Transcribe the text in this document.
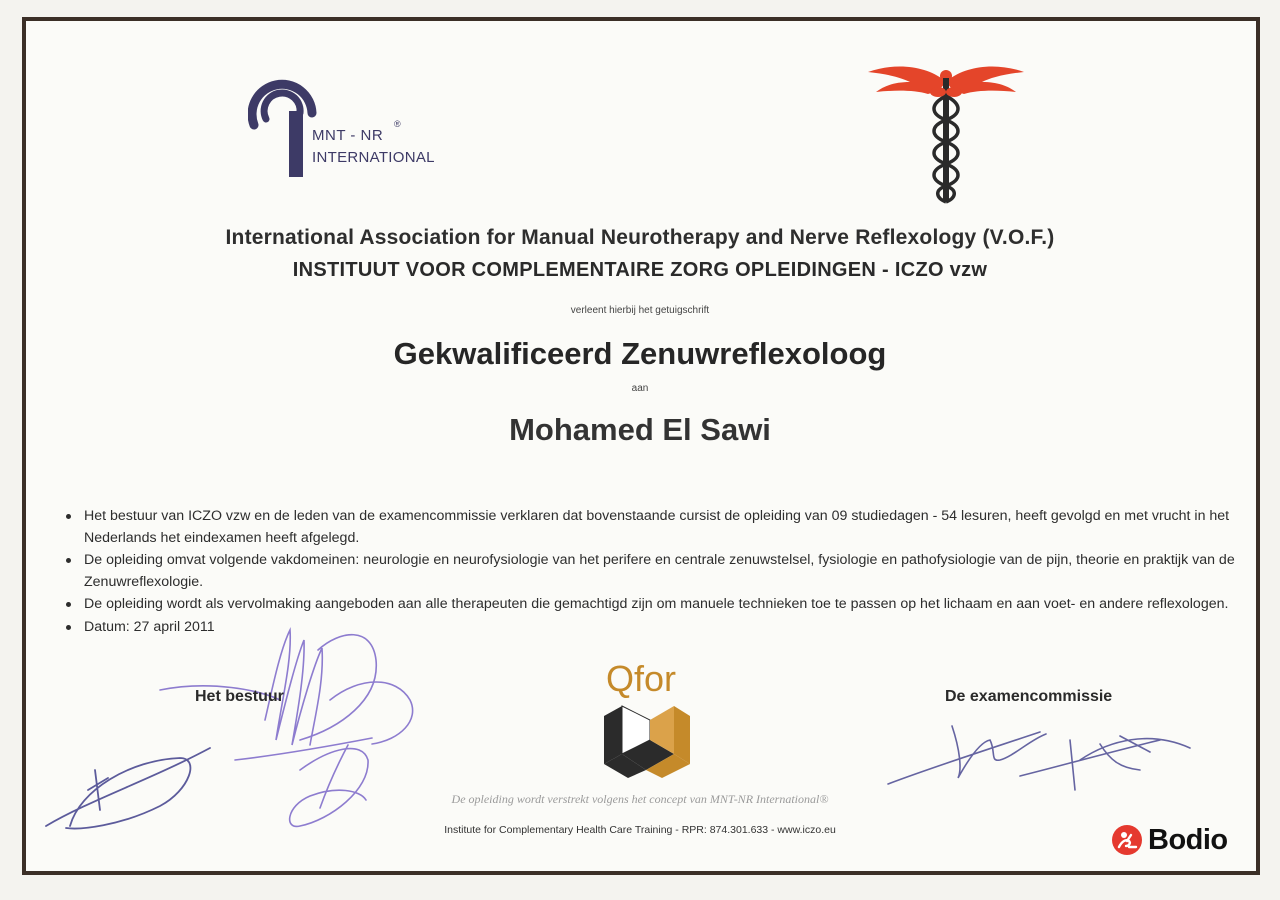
MNT - NR
®
INTERNATIONAL
International Association for Manual Neurotherapy and Nerve Reflexology (V.O.F.)
INSTITUUT VOOR COMPLEMENTAIRE ZORG OPLEIDINGEN - ICZO vzw
verleent hierbij het getuigschrift
Gekwalificeerd Zenuwreflexoloog
aan
Mohamed El Sawi
Het bestuur van ICZO vzw en de leden van de examencommissie verklaren dat bovenstaande cursist de opleiding van 09 studiedagen - 54 lesuren, heeft gevolgd en met vrucht in het Nederlands het eindexamen heeft afgelegd.
De opleiding omvat volgende vakdomeinen: neurologie en neurofysiologie van het perifere en centrale zenuwstelsel, fysiologie en pathofysiologie van de pijn, theorie en praktijk van de Zenuwreflexologie.
De opleiding wordt als vervolmaking aangeboden aan alle therapeuten die gemachtigd zijn om manuele technieken toe te passen op het lichaam en aan voet- en andere reflexologen.
Datum: 27 april 2011
Het bestuur	De examencommissie
Qfor
De opleiding wordt verstrekt volgens het concept van MNT-NR International®
Institute for Complementary Health Care Training - RPR: 874.301.633 - www.iczo.eu	Bodio
